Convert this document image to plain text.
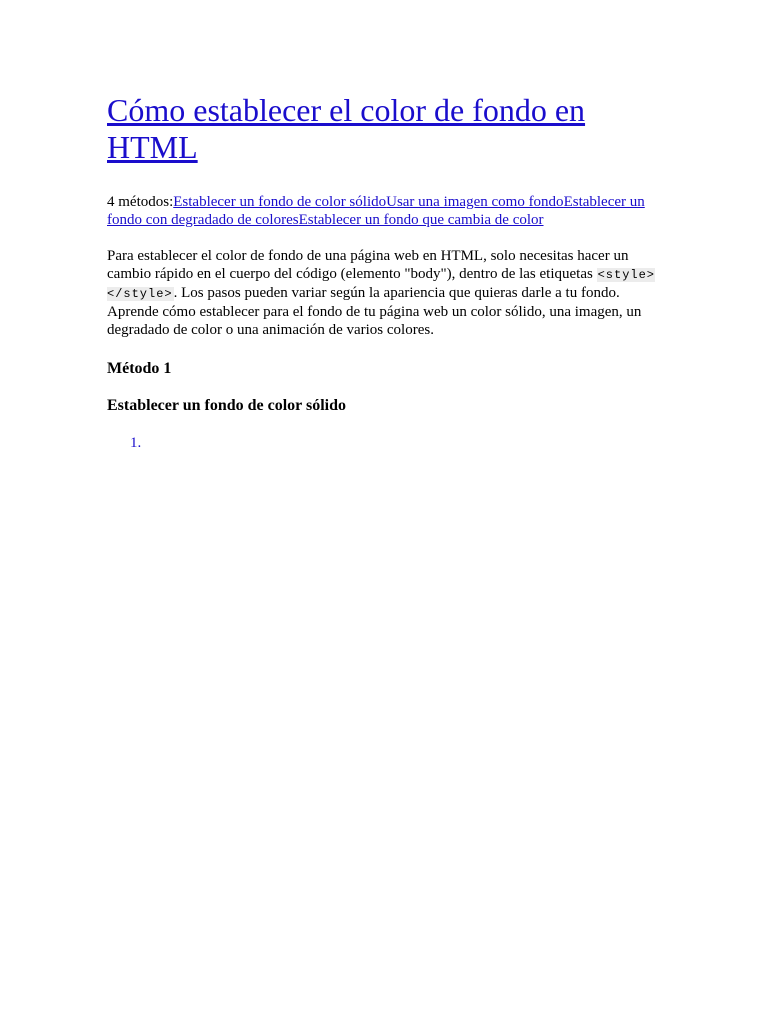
Cómo establecer el color de fondo en HTML

4 métodos:Establecer un fondo de color sólidoUsar una imagen como fondoEstablecer un fondo con degradado de coloresEstablecer un fondo que cambia de color

Para establecer el color de fondo de una página web en HTML, solo necesitas hacer un cambio rápido en el cuerpo del código (elemento "body"), dentro de las etiquetas <style></style>. Los pasos pueden variar según la apariencia que quieras darle a tu fondo. Aprende cómo establecer para el fondo de tu página web un color sólido, una imagen, un degradado de color o una animación de varios colores.

Método 1
Establecer un fondo de color sólido
1.
